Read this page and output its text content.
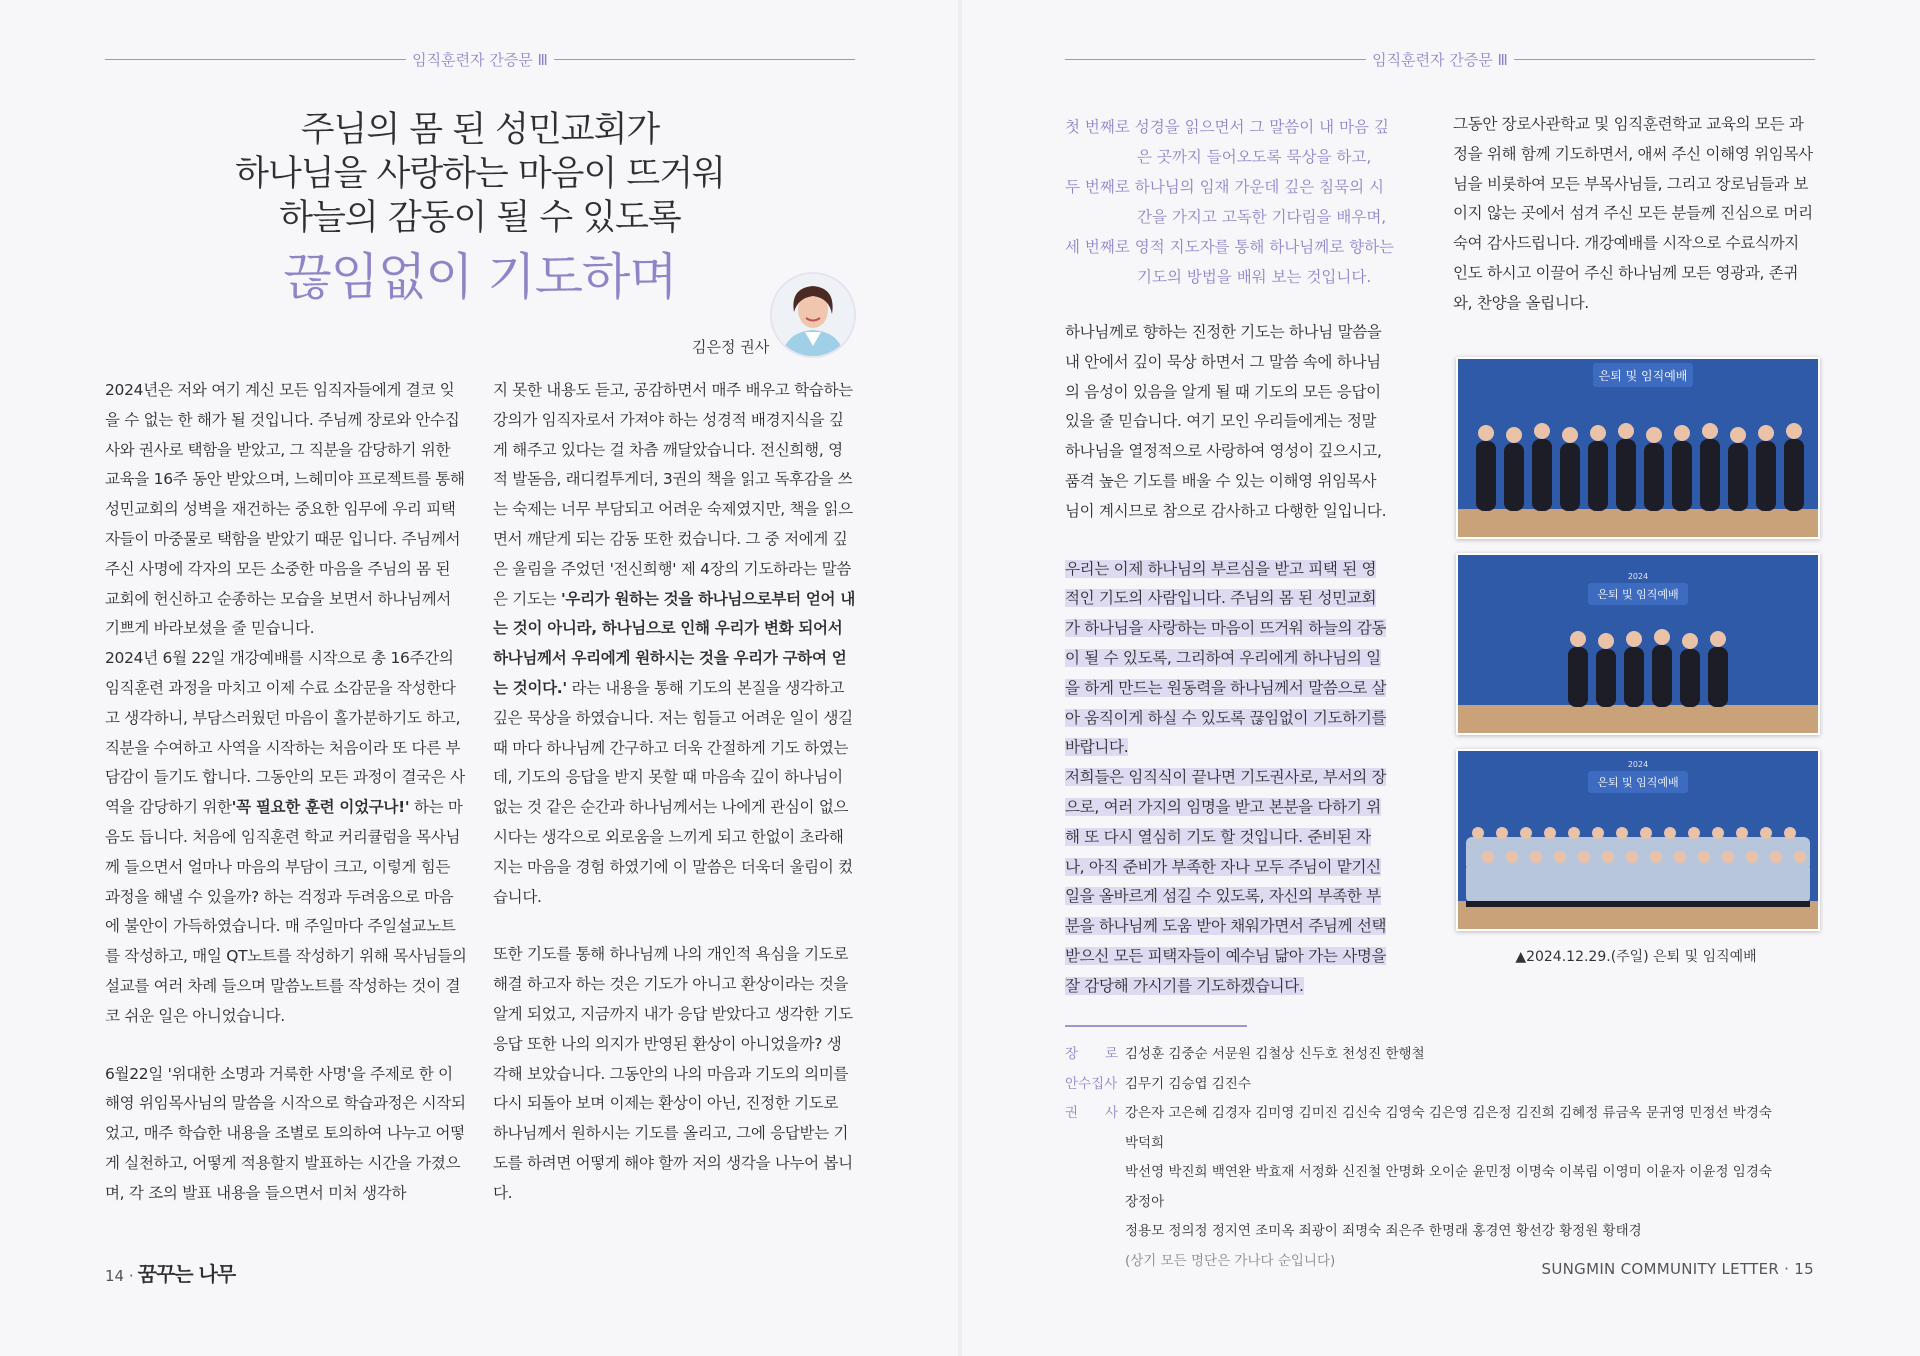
임직훈련자 간증문 Ⅲ
주님의 몸 된 성민교회가
하나님을 사랑하는 마음이 뜨거워
하늘의 감동이 될 수 있도록
끊임없이 기도하며
김은정 권사

2024년은 저와 여기 계신 모든 임직자들에게 결코 잊을 수 없는 한 해가 될 것입니다. 주님께 장로와 안수집사와 권사로 택함을 받았고, 그 직분을 감당하기 위한 교육을 16주 동안 받았으며, 느헤미야 프로젝트를 통해 성민교회의 성벽을 재건하는 중요한 임무에 우리 피택자들이 마중물로 택함을 받았기 때문 입니다. 주님께서 주신 사명에 각자의 모든 소중한 마음을 주님의 몸 된 교회에 헌신하고 순종하는 모습을 보면서 하나님께서 기쁘게 바라보셨을 줄 믿습니다.

2024년 6월 22일 개강예배를 시작으로 총 16주간의 임직훈련 과정을 마치고 이제 수료 소감문을 작성한다고 생각하니, 부담스러웠던 마음이 홀가분하기도 하고, 직분을 수여하고 사역을 시작하는 처음이라 또 다른 부담감이 들기도 합니다. 그동안의 모든 과정이 결국은 사역을 감당하기 위한'꼭 필요한 훈련 이었구나!' 하는 마음도 듭니다. 처음에 임직훈련 학교 커리큘럼을 목사님께 들으면서 얼마나 마음의 부담이 크고, 이렇게 힘든 과정을 해낼 수 있을까? 하는 걱정과 두려움으로 마음에 불안이 가득하였습니다. 매 주일마다 주일설교노트를 작성하고, 매일 QT노트를 작성하기 위해 목사님들의 설교를 여러 차례 들으며 말씀노트를 작성하는 것이 결코 쉬운 일은 아니었습니다.

6월22일 '위대한 소명과 거룩한 사명'을 주제로 한 이해영 위임목사님의 말씀을 시작으로 학습과정은 시작되었고, 매주 학습한 내용을 조별로 토의하여 나누고 어떻게 실천하고, 어떻게 적용할지 발표하는 시간을 가졌으며, 각 조의 발표 내용을 들으면서 미처 생각하

지 못한 내용도 듣고, 공감하면서 매주 배우고 학습하는 강의가 임직자로서 가져야 하는 성경적 배경지식을 깊게 해주고 있다는 걸 차츰 깨달았습니다. 전신희행, 영적 발돋음, 래디컬투게더, 3권의 책을 읽고 독후감을 쓰는 숙제는 너무 부담되고 어려운 숙제였지만, 책을 읽으면서 깨닫게 되는 감동 또한 컸습니다. 그 중 저에게 깊은 울림을 주었던 '전신희행' 제 4장의 기도하라는 말씀은 기도는 '우리가 원하는 것을 하나님으로부터 얻어 내는 것이 아니라, 하나님으로 인해 우리가 변화 되어서 하나님께서 우리에게 원하시는 것을 우리가 구하여 얻는 것이다.' 라는 내용을 통해 기도의 본질을 생각하고 깊은 묵상을 하였습니다. 저는 힘들고 어려운 일이 생길 때 마다 하나님께 간구하고 더욱 간절하게 기도 하였는데, 기도의 응답을 받지 못할 때 마음속 깊이 하나님이 없는 것 같은 순간과 하나님께서는 나에게 관심이 없으시다는 생각으로 외로움을 느끼게 되고 한없이 초라해 지는 마음을 경험 하였기에 이 말씀은 더욱더 울림이 컸습니다.

또한 기도를 통해 하나님께 나의 개인적 욕심을 기도로 해결 하고자 하는 것은 기도가 아니고 환상이라는 것을 알게 되었고, 지금까지 내가 응답 받았다고 생각한 기도응답 또한 나의 의지가 반영된 환상이 아니었을까? 생각해 보았습니다. 그동안의 나의 마음과 기도의 의미를 다시 되돌아 보며 이제는 환상이 아닌, 진정한 기도로 하나님께서 원하시는 기도를 올리고, 그에 응답받는 기도를 하려면 어떻게 해야 할까 저의 생각을 나누어 봅니다.

14 · 꿈꾸는 나무
임직훈련자 간증문 Ⅲ
첫 번째로 성경을 읽으면서 그 말씀이 내 마음 깊은 곳까지 들어오도록 묵상을 하고,
두 번째로 하나님의 임재 가운데 깊은 침묵의 시간을 가지고 고독한 기다림을 배우며,
세 번째로 영적 지도자를 통해 하나님께로 향하는 기도의 방법을 배워 보는 것입니다.

하나님께로 향하는 진정한 기도는 하나님 말씀을 내 안에서 깊이 묵상 하면서 그 말씀 속에 하나님의 음성이 있음을 알게 될 때 기도의 모든 응답이 있을 줄 믿습니다. 여기 모인 우리들에게는 정말 하나님을 열정적으로 사랑하여 영성이 깊으시고, 품격 높은 기도를 배울 수 있는 이해영 위임목사님이 계시므로 참으로 감사하고 다행한 일입니다.

우리는 이제 하나님의 부르심을 받고 피택 된 영적인 기도의 사람입니다. 주님의 몸 된 성민교회가 하나님을 사랑하는 마음이 뜨거워 하늘의 감동이 될 수 있도록, 그리하여 우리에게 하나님의 일을 하게 만드는 원동력을 하나님께서 말씀으로 살아 움직이게 하실 수 있도록 끊임없이 기도하기를 바랍니다.

저희들은 임직식이 끝나면 기도권사로, 부서의 장으로, 여러 가지의 임명을 받고 본분을 다하기 위해 또 다시 열심히 기도 할 것입니다. 준비된 자나, 아직 준비가 부족한 자나 모두 주님이 맡기신 일을 올바르게 섬길 수 있도록, 자신의 부족한 부분을 하나님께 도움 받아 채워가면서 주님께 선택받으신 모든 피택자들이 예수님 닮아 가는 사명을 잘 감당해 가시기를 기도하겠습니다.

그동안 장로사관학교 및 임직훈련학교 교육의 모든 과정을 위해 함께 기도하면서, 애써 주신 이해영 위임목사님을 비롯하여 모든 부목사님들, 그리고 장로님들과 보이지 않는 곳에서 섬겨 주신 모든 분들께 진심으로 머리 숙여 감사드립니다. 개강예배를 시작으로 수료식까지 인도 하시고 이끌어 주신 하나님께 모든 영광과, 존귀와, 찬양을 올립니다.

은퇴 및 임직예배
2024
은퇴 및 임직예배
2024
은퇴 및 임직예배
▲2024.12.29.(주일) 은퇴 및 임직예배
장　　로 김성훈 김중순 서문원 김철상 신두호 천성진 한행철
안수집사 김무기 김승엽 김진수
권　　사 강은자 고은혜 김경자 김미영 김미진 김신숙 김영숙 김은영 김은정 김진희 김혜정 류금옥 문귀영 민정선 박경숙 박덕희
박선영 박진희 백연완 박효재 서정화 신진철 안명화 오이순 윤민정 이명숙 이복림 이영미 이윤자 이윤정 임경숙 장정아
정용모 정의정 정지연 조미옥 죄광이 죄명숙 죄은주 한명래 홍경연 황선강 황정원 황태경
(상기 모든 명단은 가나다 순입니다)	SUNGMIN COMMUNITY LETTER · 15
